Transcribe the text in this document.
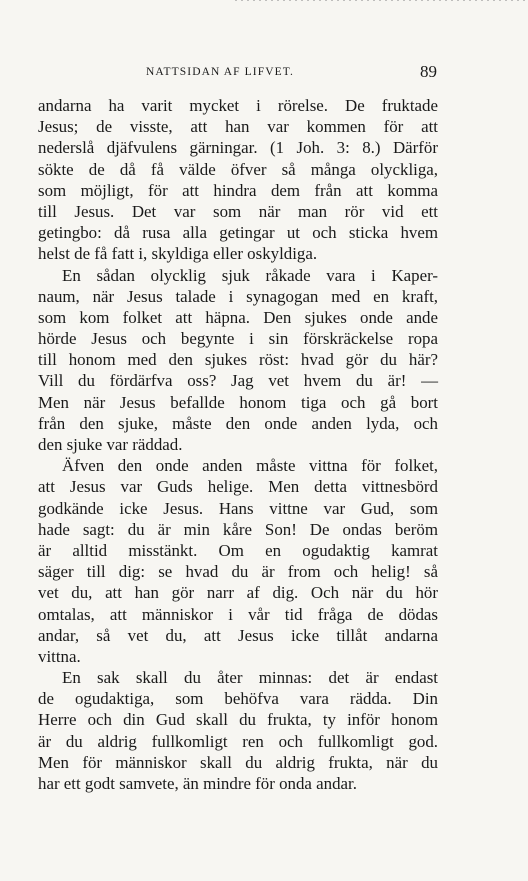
NATTSIDAN AF LIFVET.	89
andarna ha varit mycket i rörelse. De fruktade
Jesus; de visste, att han var kommen för att
nederslå djäfvulens gärningar. (1 Joh. 3: 8.) Därför
sökte de då få välde öfver så många olyckliga,
som möjligt, för att hindra dem från att komma
till Jesus. Det var som när man rör vid ett
getingbo: då rusa alla getingar ut och sticka hvem
helst de få fatt i, skyldiga eller oskyldiga.
En sådan olycklig sjuk råkade vara i Kaper-
naum, när Jesus talade i synagogan med en kraft,
som kom folket att häpna. Den sjukes onde ande
hörde Jesus och begynte i sin förskräckelse ropa
till honom med den sjukes röst: hvad gör du här?
Vill du fördärfva oss? Jag vet hvem du är! —
Men när Jesus befallde honom tiga och gå bort
från den sjuke, måste den onde anden lyda, och
den sjuke var räddad.
Äfven den onde anden måste vittna för folket,
att Jesus var Guds helige. Men detta vittnesbörd
godkände icke Jesus. Hans vittne var Gud, som
hade sagt: du är min kåre Son! De ondas beröm
är alltid misstänkt. Om en ogudaktig kamrat
säger till dig: se hvad du är from och helig! så
vet du, att han gör narr af dig. Och när du hör
omtalas, att människor i vår tid fråga de dödas
andar, så vet du, att Jesus icke tillåt andarna
vittna.
En sak skall du åter minnas: det är endast
de ogudaktiga, som behöfva vara rädda. Din
Herre och din Gud skall du frukta, ty inför honom
är du aldrig fullkomligt ren och fullkomligt god.
Men för människor skall du aldrig frukta, när du
har ett godt samvete, än mindre för onda andar.
